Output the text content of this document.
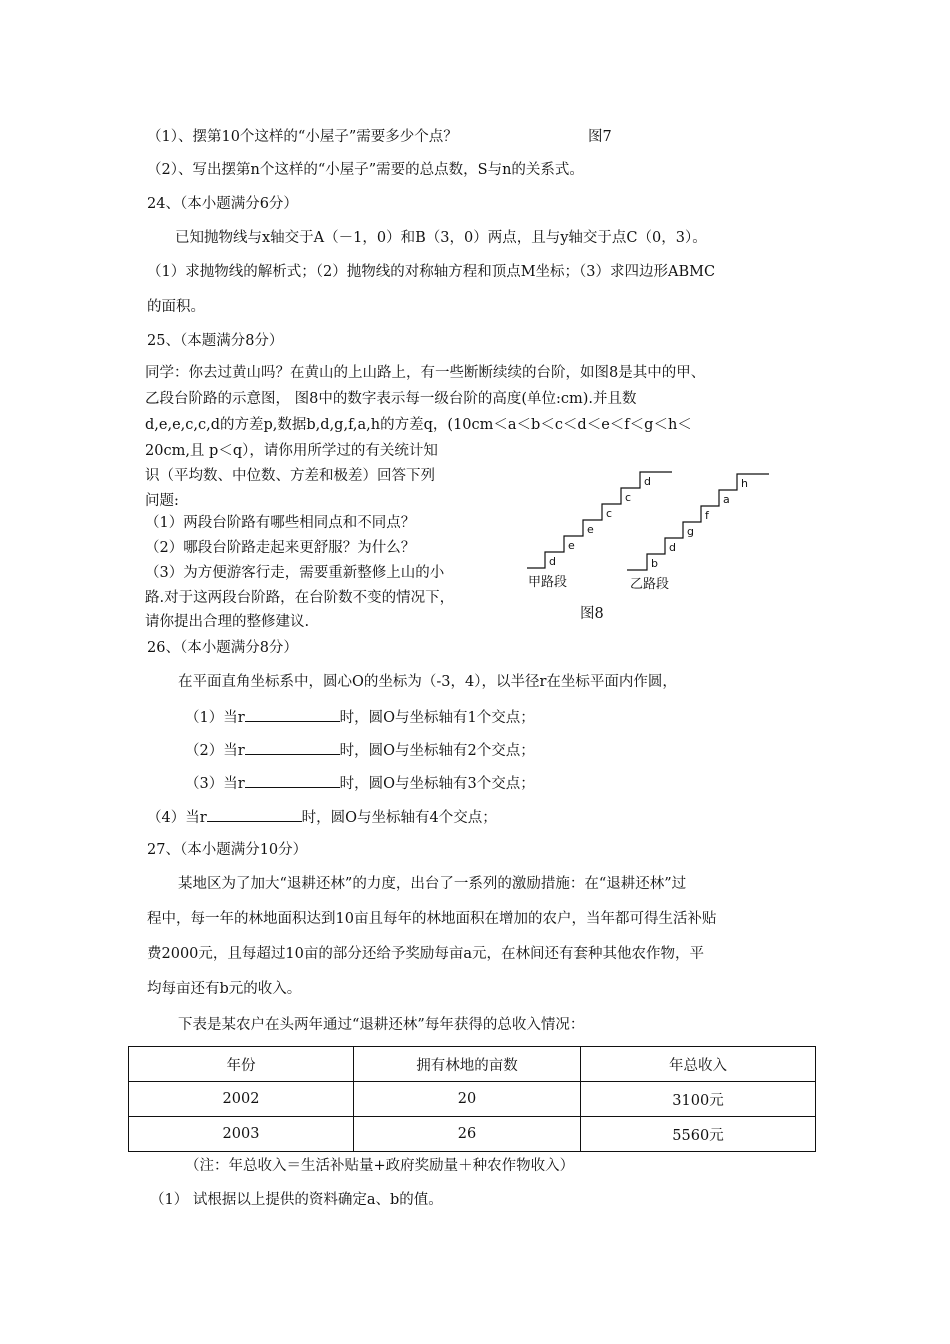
（1）、摆第10个这样的“小屋子”需要多少个点？	图7
（2）、写出摆第n个这样的“小屋子”需要的总点数，S与n的关系式。
24、（本小题满分6分）
已知抛物线与x轴交于A（－1，0）和B（3，0）两点，且与y轴交于点C（0，3）。
（1）求抛物线的解析式；（2）抛物线的对称轴方程和顶点M坐标；（3）求四边形ABMC
的面积。
25、（本题满分8分）
同学：你去过黄山吗？在黄山的上山路上，有一些断断续续的台阶，如图8是其中的甲、
乙段台阶路的示意图， 图8中的数字表示每一级台阶的高度(单位:cm).并且数
d,e,e,c,c,d的方差p,数据b,d,g,f,a,h的方差q，(10cm＜a＜b＜c＜d＜e＜f＜g＜h＜
20cm,且 p＜q），请你用所学过的有关统计知
识（平均数、中位数、方差和极差）回答下列
问题:
（1）两段台阶路有哪些相同点和不同点？
（2）哪段台阶路走起来更舒服？为什么？
（3）为方便游客行走，需要重新整修上山的小
路.对于这两段台阶路，在台阶数不变的情况下，
请你提出合理的整修建议.
d
e
e
c
c
d
b
d
g
f
a
h
甲路段	乙路段
图8
26、（本小题满分8分）
在平面直角坐标系中，圆心O的坐标为（-3，4），以半径r在坐标平面内作圆，
（1）当r	时，圆O与坐标轴有1个交点；
（2）当r	时，圆O与坐标轴有2个交点；
（3）当r	时，圆O与坐标轴有3个交点；
（4）当r	时，圆O与坐标轴有4个交点；
27、（本小题满分10分）
某地区为了加大“退耕还林”的力度，出台了一系列的激励措施：在“退耕还林”过
程中，每一年的林地面积达到10亩且每年的林地面积在增加的农户，当年都可得生活补贴
费2000元，且每超过10亩的部分还给予奖励每亩a元，在林间还有套种其他农作物，平
均每亩还有b元的收入。
下表是某农户在头两年通过“退耕还林”每年获得的总收入情况：
年份	拥有林地的亩数	年总收入
2002	20	3100元
2003	26	5560元
（注：年总收入＝生活补贴量+政府奖励量＋种农作物收入）
（1） 试根据以上提供的资料确定a、b的值。
